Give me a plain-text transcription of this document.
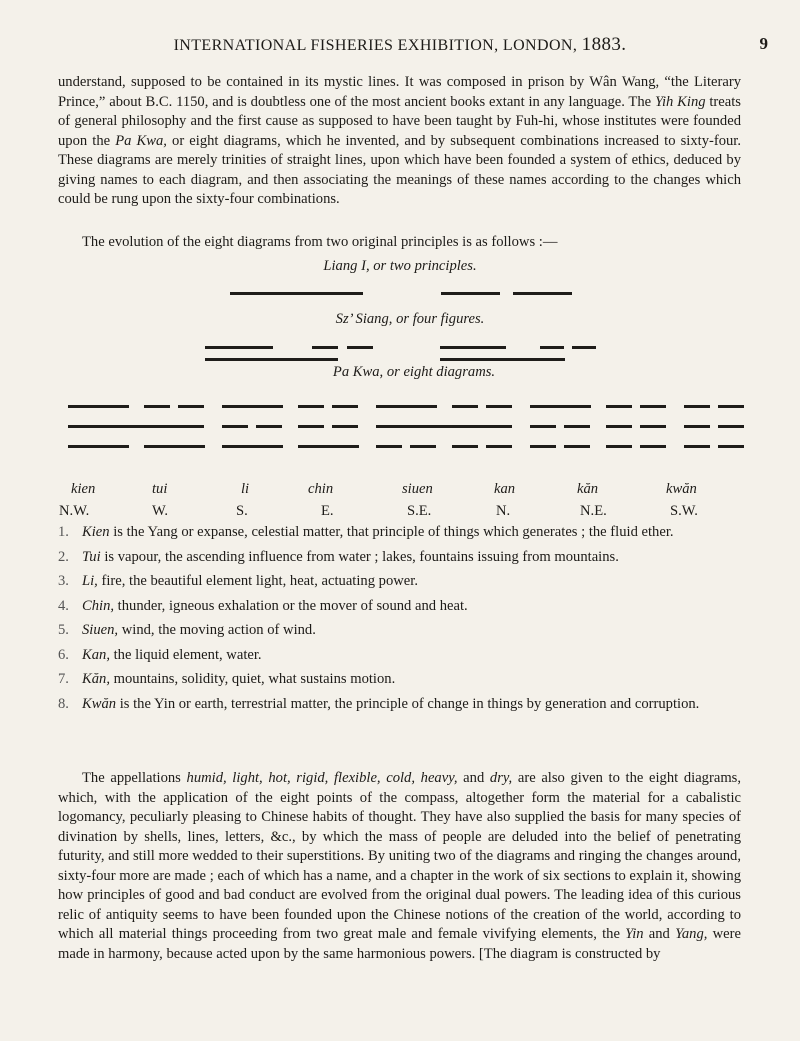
INTERNATIONAL FISHERIES EXHIBITION, LONDON, 1883.	9
understand, supposed to be contained in its mystic lines. It was composed in prison by Wân Wang, “the Literary Prince,” about B.C. 1150, and is doubtless one of the most ancient books extant in any language. The Yih King treats of general philosophy and the first cause as supposed to have been taught by Fuh-hi, whose institutes were founded upon the Pa Kwa, or eight diagrams, which he invented, and by subsequent combinations increased to sixty-four. These diagrams are merely trinities of straight lines, upon which have been founded a system of ethics, deduced by giving names to each diagram, and then associating the meanings of these names according to the changes which could be rung upon the sixty-four combinations.
The evolution of the eight diagrams from two original principles is as follows :—
Liang I, or two principles.
Sz’ Siang, or four figures.
Pa Kwa, or eight diagrams.
kien	tui	li	chin	siuen	kan	kăn	kwăn
N.W.	W.	S.	E.	S.E.	N.	N.E.	S.W.
1. Kien is the Yang or expanse, celestial matter, that principle of things which generates ; the fluid ether.
2. Tui is vapour, the ascending influence from water ; lakes, fountains issuing from mountains.
3. Li, fire, the beautiful element light, heat, actuating power.
4. Chin, thunder, igneous exhalation or the mover of sound and heat.
5. Siuen, wind, the moving action of wind.
6. Kan, the liquid element, water.
7. Kăn, mountains, solidity, quiet, what sustains motion.
8. Kwăn is the Yin or earth, terrestrial matter, the principle of change in things by generation and corruption.
The appellations humid, light, hot, rigid, flexible, cold, heavy, and dry, are also given to the eight diagrams, which, with the application of the eight points of the compass, altogether form the material for a cabalistic logomancy, peculiarly pleasing to Chinese habits of thought. They have also supplied the basis for many species of divination by shells, lines, letters, &c., by which the mass of people are deluded into the belief of penetrating futurity, and still more wedded to their superstitions. By uniting two of the diagrams and ringing the changes around, sixty-four more are made ; each of which has a name, and a chapter in the work of six sections to explain it, showing how principles of good and bad conduct are evolved from the original dual powers. The leading idea of this curious relic of antiquity seems to have been founded upon the Chinese notions of the creation of the world, according to which all material things proceeding from two great male and female vivifying elements, the Yin and Yang, were made in harmony, because acted upon by the same harmonious powers. [The diagram is constructed by
